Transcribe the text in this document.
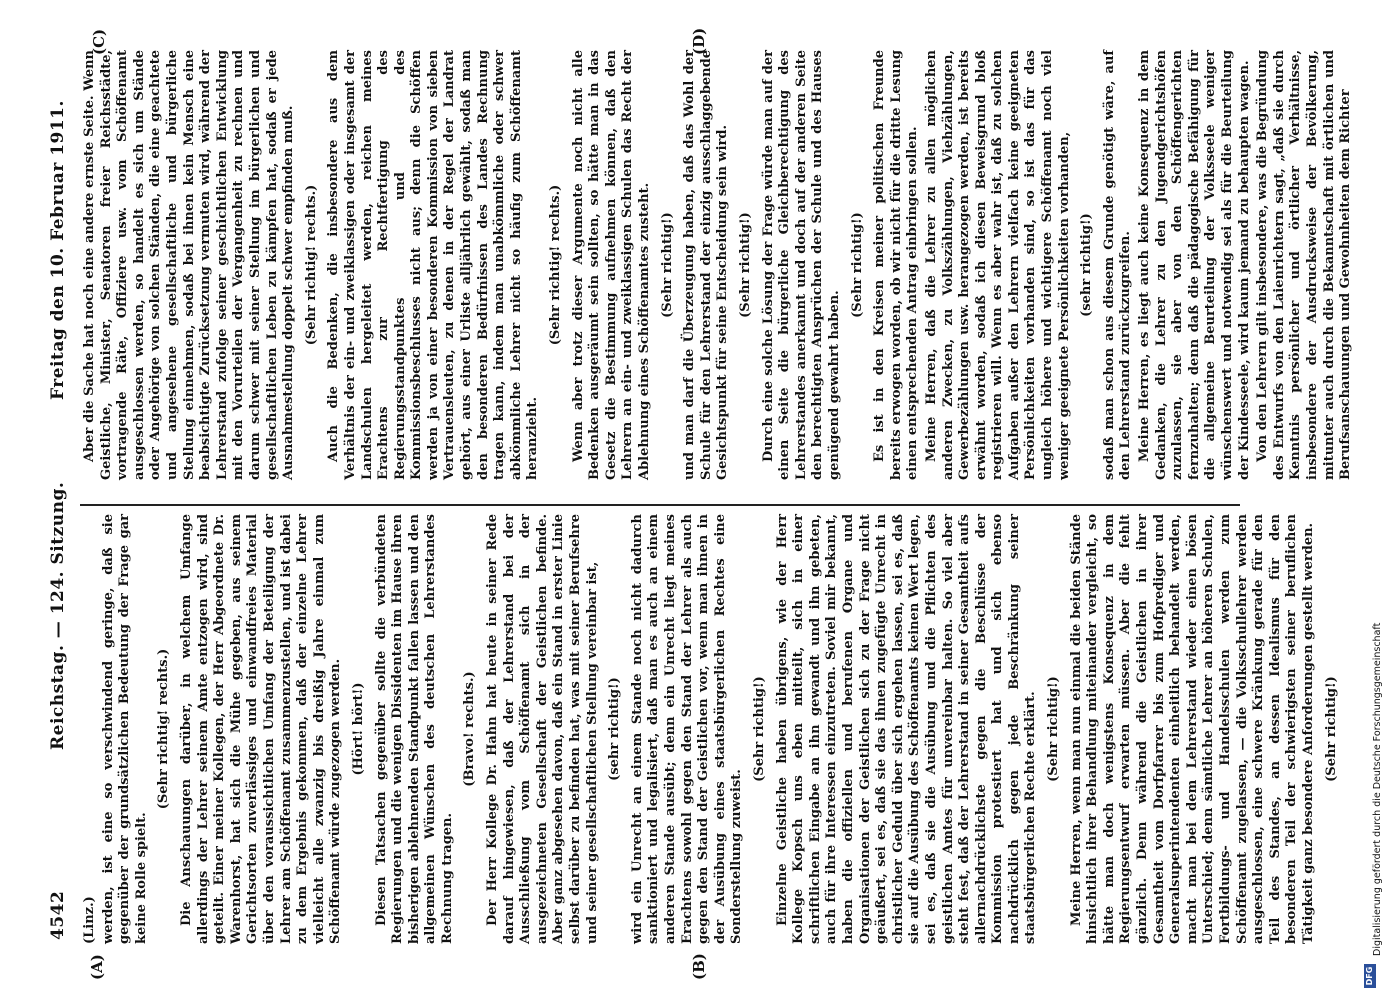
4542
Reichstag. — 124. Sitzung.
Freitag den 10. Februar 1911.
(A)	(B)
(C)	(D)

(Linz.) werden, ist eine so verschwindend geringe, daß sie gegenüber der grundsätzlichen Bedeutung der Frage gar keine Rolle spielt.

(Sehr richtig! rechts.) Die Anschauungen darüber, in welchem Umfange allerdings der Lehrer seinem Amte entzogen wird, sind geteilt. Einer meiner Kollegen, der Herr Abgeordnete Dr. Warenhorst, hat sich die Mühe gegeben, aus seinem Gerichtsorten zuverlässiges und einwandfreies Material über den voraussichtlichen Umfang der Beteiligung der Lehrer am Schöffenamt zusammenzustellen, und ist dabei zu dem Ergebnis gekommen, daß der einzelne Lehrer vielleicht alle zwanzig bis dreißig Jahre einmal zum Schöffenamt würde zugezogen werden. (Hört! hört!) Diesen Tatsachen gegenüber sollte die verbündeten Regierungen und die wenigen Dissidenten im Hause ihren bisherigen ablehnenden Standpunkt fallen lassen und den allgemeinen Wünschen des deutschen Lehrerstandes Rechnung tragen.

(Bravo! rechts.) Der Herr Kollege Dr. Hahn hat heute in seiner Rede darauf hingewiesen, daß der Lehrerstand bei der Ausschließung vom Schöffenamt sich in der ausgezeichneten Gesellschaft der Geistlichen befinde. Aber ganz abgesehen davon, daß ein Stand in erster Linie selbst darüber zu befinden hat, was mit seiner Berufsehre und seiner gesellschaftlichen Stellung vereinbar ist, (sehr richtig!) wird ein Unrecht an einem Stande noch nicht dadurch sanktioniert und legalisiert, daß man es auch an einem anderen Stande ausübt; denn ein Unrecht liegt meines Erachtens sowohl gegen den Stand der Lehrer als auch gegen den Stand der Geistlichen vor, wenn man ihnen in der Ausübung eines staatsbürgerlichen Rechtes eine Sonderstellung zuweist.

(Sehr richtig!) Einzelne Geistliche haben übrigens, wie der Herr Kollege Kopsch uns eben mitteilt, sich in einer schriftlichen Eingabe an ihn gewandt und ihn gebeten, auch für ihre Interessen einzutreten. Soviel mir bekannt, haben die offiziellen und berufenen Organe und Organisationen der Geistlichen sich zu der Frage nicht geäußert, sei es, daß sie das ihnen zugefügte Unrecht in christlicher Geduld über sich ergehen lassen, sei es, daß sie auf die Ausübung des Schöffenamts keinen Wert legen, sei es, daß sie die Ausübung und die Pflichten des geistlichen Amtes für unvereinbar halten. So viel aber steht fest, daß der Lehrerstand in seiner Gesamtheit aufs allernachdrücklichste gegen die Beschlüsse der Kommission protestiert hat und sich ebenso nachdrücklich gegen jede Beschränkung seiner staatsbürgerlichen Rechte erklärt. (Sehr richtig!) Meine Herren, wenn man nun einmal die beiden Stände hinsichtlich ihrer Behandlung miteinander vergleicht, so hätte man doch wenigstens Konsequenz in dem Regierungsentwurf erwarten müssen. Aber die fehlt gänzlich. Denn während die Geistlichen in ihrer Gesamtheit vom Dorfpfarrer bis zum Hofprediger und Generalsuperintendenten einheitlich behandelt werden, macht man bei dem Lehrerstand wieder einen bösen Unterschied; denn sämtliche Lehrer an höheren Schulen, Fortbildungs- und Handelsschulen werden zum Schöffenamt zugelassen, — die Volksschullehrer werden ausgeschlossen, eine schwere Kränkung gerade für den Teil des Standes, an dessen Idealismus für den besonderen Teil der schwierigsten seiner beruflichen Tätigkeit ganz besondere Anforderungen gestellt werden. (Sehr richtig!)

Aber die Sache hat noch eine andere ernste Seite. Wenn Geistliche, Minister, Senatoren freier Reichsstädte, vortragende Räte, Offiziere usw. vom Schöffenamt ausgeschlossen werden, so handelt es sich um Stände oder Angehörige von solchen Ständen, die eine geachtete und angesehene gesellschaftliche und bürgerliche Stellung einnehmen, sodaß bei ihnen kein Mensch eine beabsichtigte Zurücksetzung vermuten wird, während der Lehrerstand zufolge seiner geschichtlichen Entwicklung mit den Vorurteilen der Vergangenheit zu rechnen und darum schwer mit seiner Stellung im bürgerlichen und gesellschaftlichen Leben zu kämpfen hat, sodaß er jede Ausnahmestellung doppelt schwer empfinden muß. (Sehr richtig! rechts.) Auch die Bedenken, die insbesondere aus dem Verhältnis der ein- und zweiklassigen oder insgesamt der Landschulen hergeleitet werden, reichen meines Erachtens zur Rechtfertigung des Regierungsstandpunktes und des Kommissionsbeschlusses nicht aus; denn die Schöffen werden ja von einer besonderen Kommission von sieben Vertrauensleuten, zu denen in der Regel der Landrat gehört, aus einer Urliste alljährlich gewählt, sodaß man den besonderen Bedürfnissen des Landes Rechnung tragen kann, indem man unabkömmliche oder schwer abkömmliche Lehrer nicht so häufig zum Schöffenamt heranzieht.

(Sehr richtig! rechts.) Wenn aber trotz dieser Argumente noch nicht alle Bedenken ausgeräumt sein sollten, so hätte man in das Gesetz die Bestimmung aufnehmen können, daß den Lehrern an ein- und zweiklassigen Schulen das Recht der Ablehnung eines Schöffenamtes zusteht. (Sehr richtig!) und man darf die Überzeugung haben, daß das Wohl der Schule für den Lehrerstand der einzig ausschlaggebende Gesichtspunkt für seine Entscheidung sein wird. (Sehr richtig!) Durch eine solche Lösung der Frage würde man auf der einen Seite die bürgerliche Gleichberechtigung des Lehrerstandes anerkannt und doch auf der anderen Seite den berechtigten Ansprüchen der Schule und des Hauses genügend gewahrt haben.

(Sehr richtig!) Es ist in den Kreisen meiner politischen Freunde bereits erwogen worden, ob wir nicht für die dritte Lesung einen entsprechenden Antrag einbringen sollen. Meine Herren, daß die Lehrer zu allen möglichen anderen Zwecken, zu Volkszählungen, Viehzählungen, Gewerbezählungen usw. herangezogen werden, ist bereits erwähnt worden, sodaß ich diesen Beweisgrund bloß registrieren will. Wenn es aber wahr ist, daß zu solchen Aufgaben außer den Lehrern vielfach keine geeigneten Persönlichkeiten vorhanden sind, so ist das für das ungleich höhere und wichtigere Schöffenamt noch viel weniger geeignete Persönlichkeiten vorhanden, (sehr richtig!) sodaß man schon aus diesem Grunde genötigt wäre, auf den Lehrerstand zurückzugreifen. Meine Herren, es liegt auch keine Konsequenz in dem Gedanken, die Lehrer zu den Jugendgerichtshöfen zuzulassen, sie aber von den Schöffengerichten fernzuhalten; denn daß die pädagogische Befähigung für die allgemeine Beurteilung der Volksseele weniger wünschenswert und notwendig sei als für die Beurteilung der Kindesseele, wird kaum jemand zu behaupten wagen. Von den Lehrern gilt insbesondere, was die Begründung des Entwurfs von den Laienrichtern sagt, „daß sie durch Kenntnis persönlicher und örtlicher Verhältnisse, insbesondere der Ausdrucksweise der Bevölkerung, mitunter auch durch die Bekanntschaft mit örtlichen und Berufsanschauungen und Gewohnheiten dem Richter

DFG
Digitalisierung gefördert durch die Deutsche Forschungsgemeinschaft
